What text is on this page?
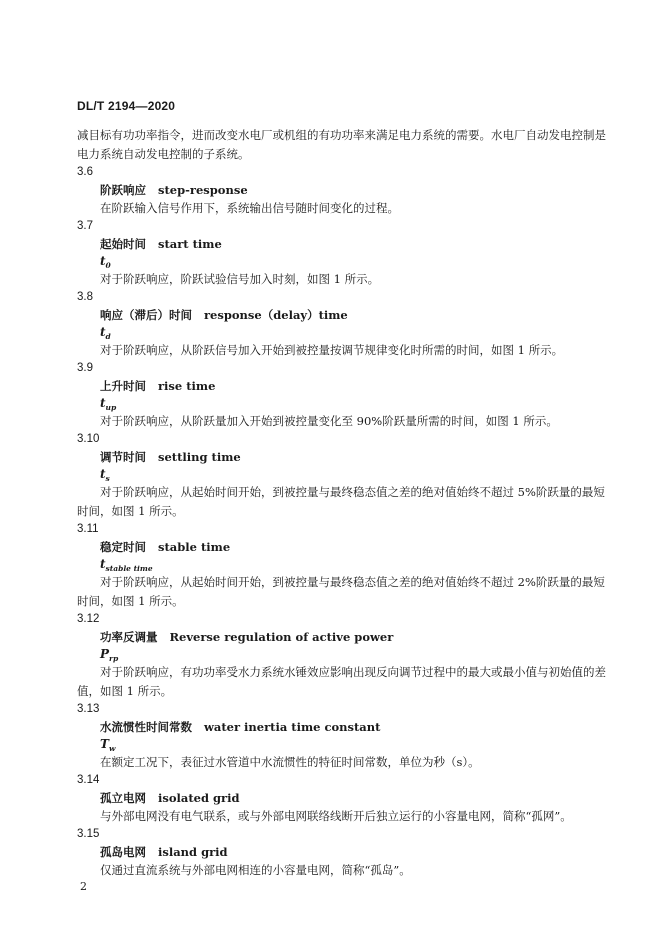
DL/T 2194—2020

减目标有功功率指令，进而改变水电厂或机组的有功功率来满足电力系统的需要。水电厂自动发电控制是电力系统自动发电控制的子系统。

3.6
阶跃响应 step-response

在阶跃输入信号作用下，系统输出信号随时间变化的过程。

3.7
起始时间 start time
$t_0$

对于阶跃响应，阶跃试验信号加入时刻，如图 1 所示。

3.8
响应（滞后）时间 response（delay）time
$t_d$

对于阶跃响应，从阶跃信号加入开始到被控量按调节规律变化时所需的时间，如图 1 所示。

3.9
上升时间 rise time
$t_{up}$

对于阶跃响应，从阶跃量加入开始到被控量变化至 90%阶跃量所需的时间，如图 1 所示。

3.10
调节时间 settling time
$t_s$

对于阶跃响应，从起始时间开始，到被控量与最终稳态值之差的绝对值始终不超过 5%阶跃量的最短时间，如图 1 所示。

3.11
稳定时间 stable time
$t_{stable time}$

对于阶跃响应，从起始时间开始，到被控量与最终稳态值之差的绝对值始终不超过 2%阶跃量的最短时间，如图 1 所示。

3.12
功率反调量 Reverse regulation of active power
$P_{rp}$

对于阶跃响应，有功功率受水力系统水锤效应影响出现反向调节过程中的最大或最小值与初始值的差值，如图 1 所示。

3.13
水流惯性时间常数 water inertia time constant
$T_w$

在额定工况下，表征过水管道中水流惯性的特征时间常数，单位为秒（s）。

3.14
孤立电网 isolated grid

与外部电网没有电气联系，或与外部电网联络线断开后独立运行的小容量电网，简称“孤网”。

3.15
孤岛电网 island grid

仅通过直流系统与外部电网相连的小容量电网，简称“孤岛”。

2
